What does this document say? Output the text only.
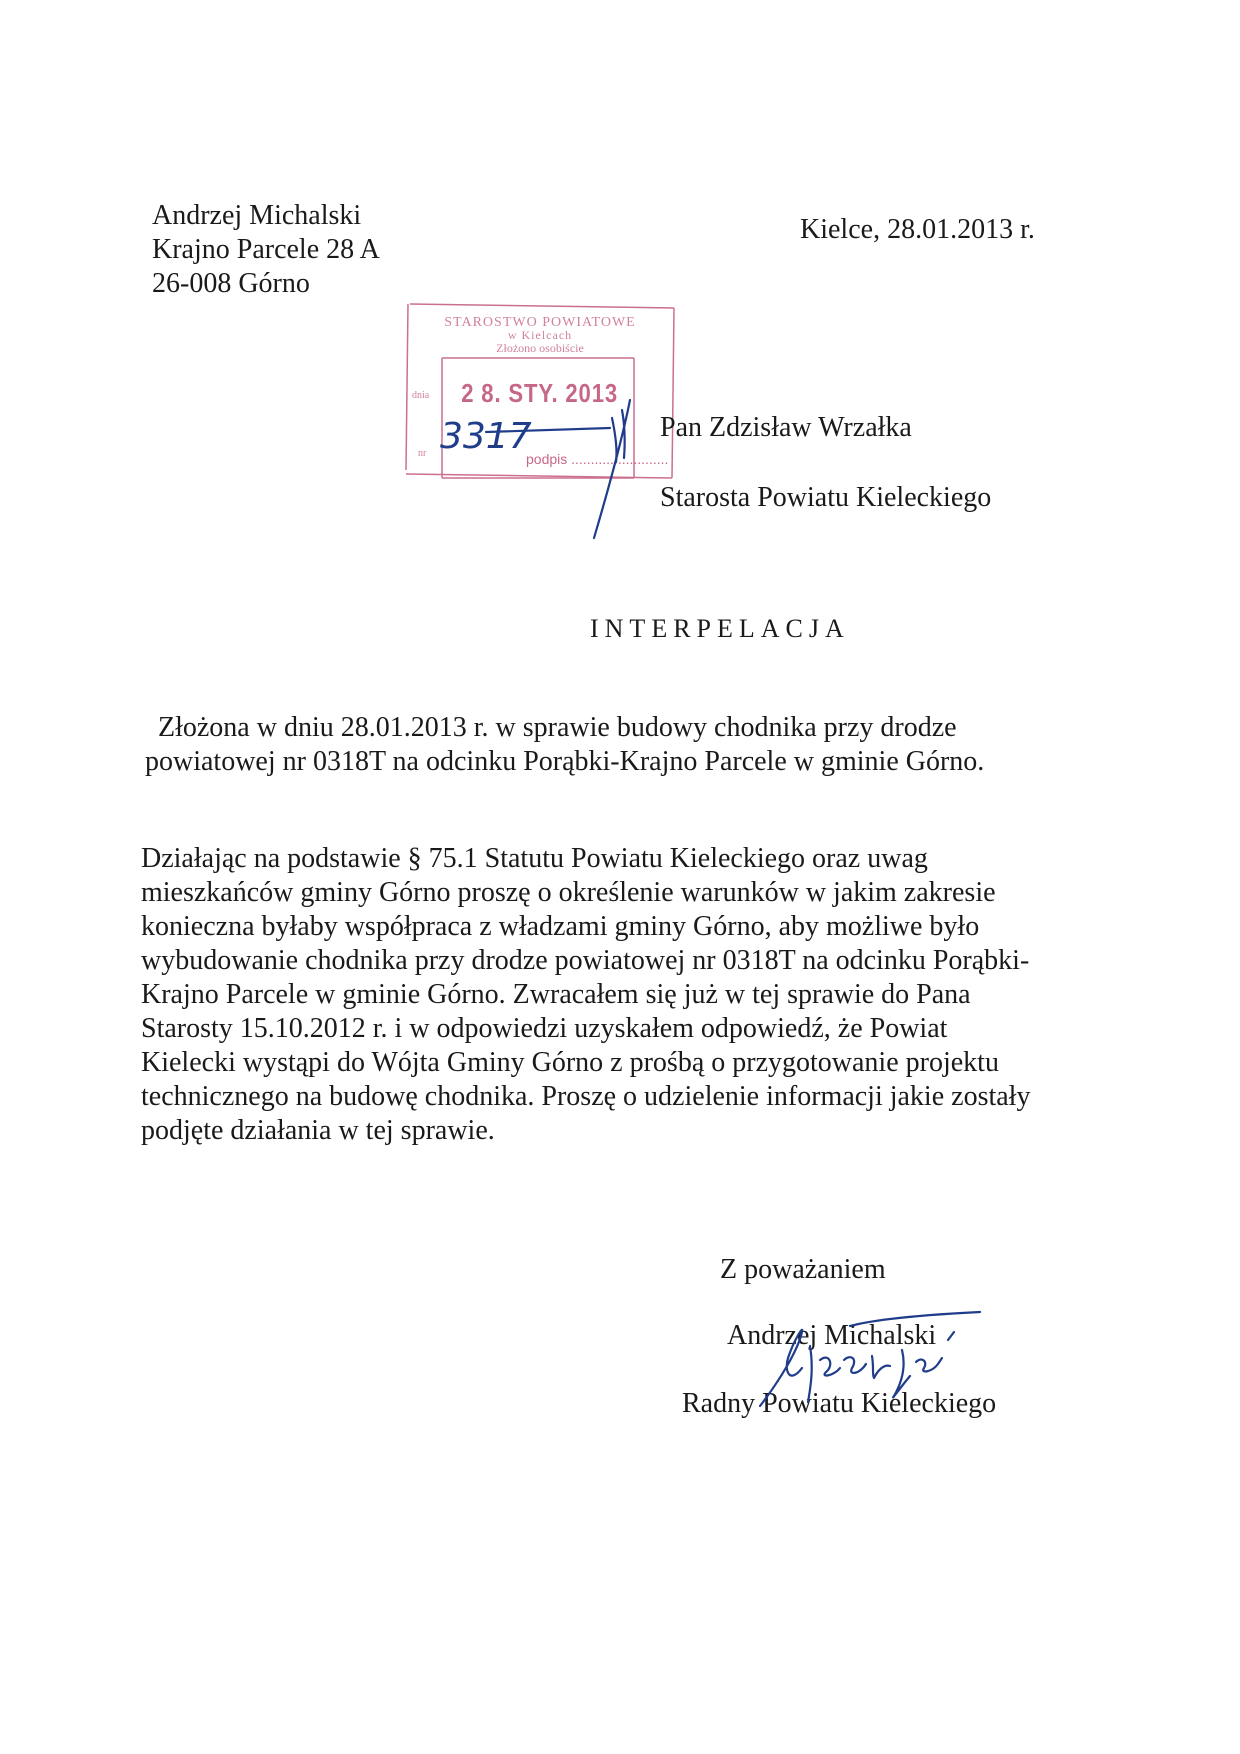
Andrzej Michalski
Krajno Parcele 28 A
26-008 Górno
Kielce, 28.01.2013 r.
STAROSTWO POWIATOWE
w Kielcach
Złożono osobiście
dnia
nr
2 8. STY. 2013
podpis .........................
3317	Pan Zdzisław Wrzałka
Starosta Powiatu Kieleckiego
INTERPELACJA
Złożona w dniu 28.01.2013 r. w sprawie budowy chodnika przy drodze
powiatowej nr 0318T na odcinku Porąbki-Krajno Parcele w gminie Górno.
Działając na podstawie § 75.1 Statutu Powiatu Kieleckiego oraz uwag
mieszkańców gminy Górno proszę o określenie warunków w jakim zakresie
konieczna byłaby współpraca z władzami gminy Górno, aby możliwe było
wybudowanie chodnika przy drodze powiatowej nr 0318T na odcinku Porąbki-
Krajno Parcele w gminie Górno. Zwracałem się już w tej sprawie do Pana
Starosty 15.10.2012 r. i w odpowiedzi uzyskałem odpowiedź, że Powiat
Kielecki wystąpi do Wójta Gminy Górno z prośbą o przygotowanie projektu
technicznego na budowę chodnika. Proszę o udzielenie informacji jakie zostały
podjęte działania w tej sprawie.
Z poważaniem
Andrzej Michalski
Radny Powiatu Kieleckiego
